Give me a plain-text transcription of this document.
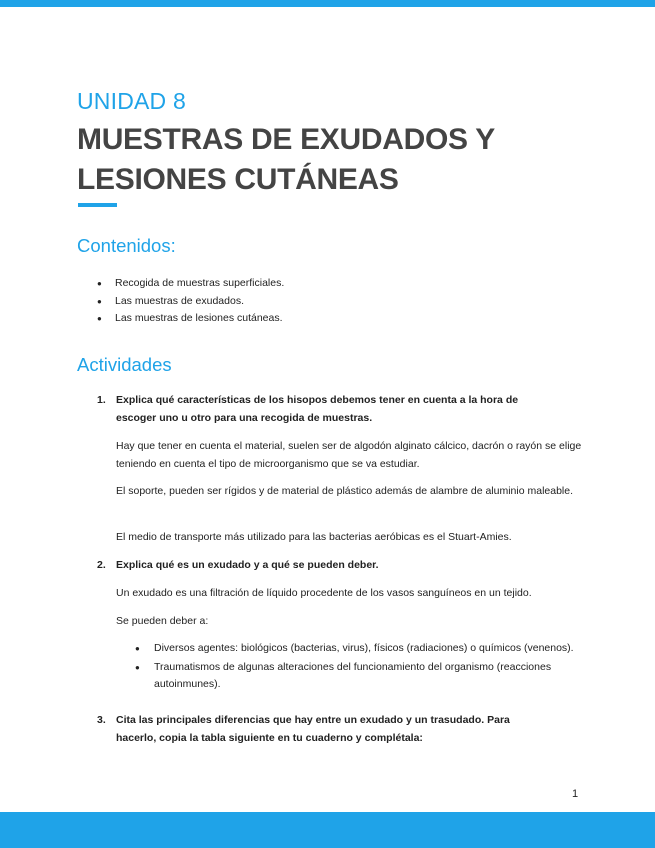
UNIDAD 8
MUESTRAS DE EXUDADOS Y LESIONES CUTÁNEAS
Contenidos:
● Recogida de muestras superficiales.
● Las muestras de exudados.
● Las muestras de lesiones cutáneas.
Actividades
1. Explica qué características de los hisopos debemos tener en cuenta a la hora de escoger uno u otro para una recogida de muestras.
Hay que tener en cuenta el material, suelen ser de algodón alginato cálcico, dacrón o rayón se elige teniendo en cuenta el tipo de microorganismo que se va estudiar.
El soporte, pueden ser rígidos y de material de plástico además de alambre de aluminio maleable.
El medio de transporte más utilizado para las bacterias aeróbicas es el Stuart-Amies.
2. Explica qué es un exudado y a qué se pueden deber.
Un exudado es una filtración de líquido procedente de los vasos sanguíneos en un tejido.
Se pueden deber a:
● Diversos agentes: biológicos (bacterias, virus), físicos (radiaciones) o químicos (venenos).
● Traumatismos de algunas alteraciones del funcionamiento del organismo (reacciones autoinmunes).
3. Cita las principales diferencias que hay entre un exudado y un trasudado. Para hacerlo, copia la tabla siguiente en tu cuaderno y complétala:
1
